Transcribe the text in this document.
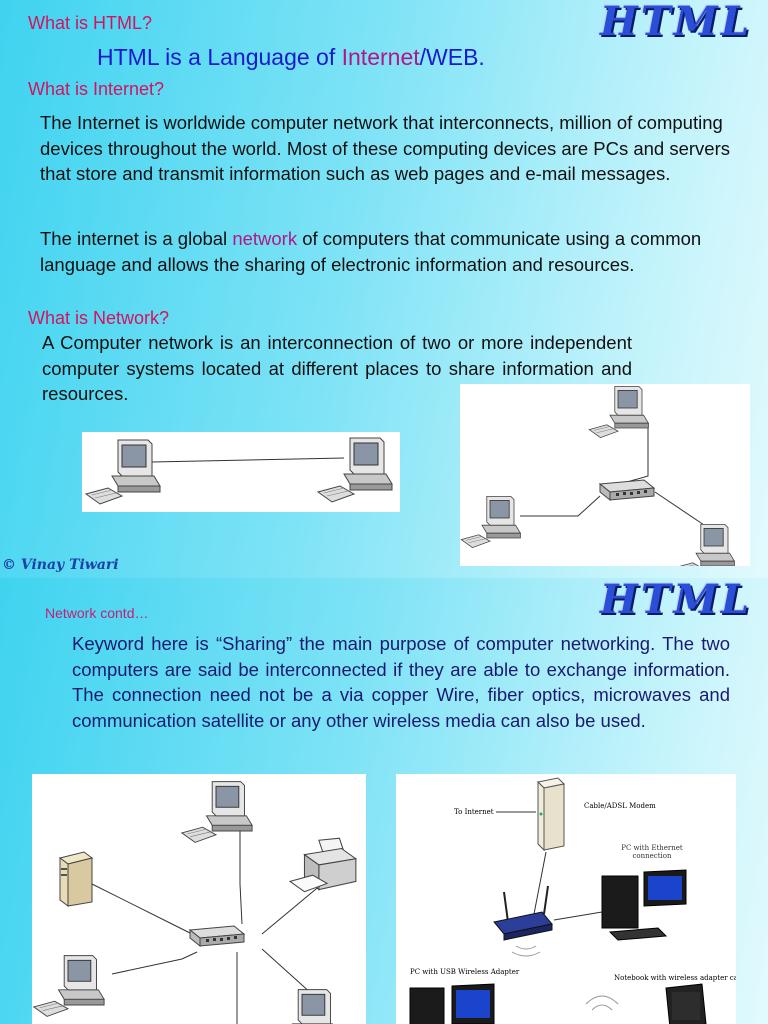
HTML
What is HTML?
HTML is a Language of Internet/WEB.
What is Internet?
The Internet is worldwide computer network that interconnects, million of computing devices throughout the world. Most of these computing devices are PCs and servers that store and transmit information such as web pages and e-mail messages.
The internet is a global network of computers that communicate using a common language and allows the sharing of electronic information and resources.
What is Network?
A Computer network is an interconnection of two or more independent computer systems located at different places to share information and resources.
© Vinay Tiwari
HTML
Network contd…
Keyword here is “Sharing” the main purpose of computer networking. The two computers are said be interconnected if they are able to exchange information. The connection need not be a via copper Wire, fiber optics, microwaves and communication satellite or any other wireless media can also be used.
To Internet
Cable/ADSL Modem
PC with Ethernet connection
PC with USB Wireless Adapter
Notebook with wireless adapter card
